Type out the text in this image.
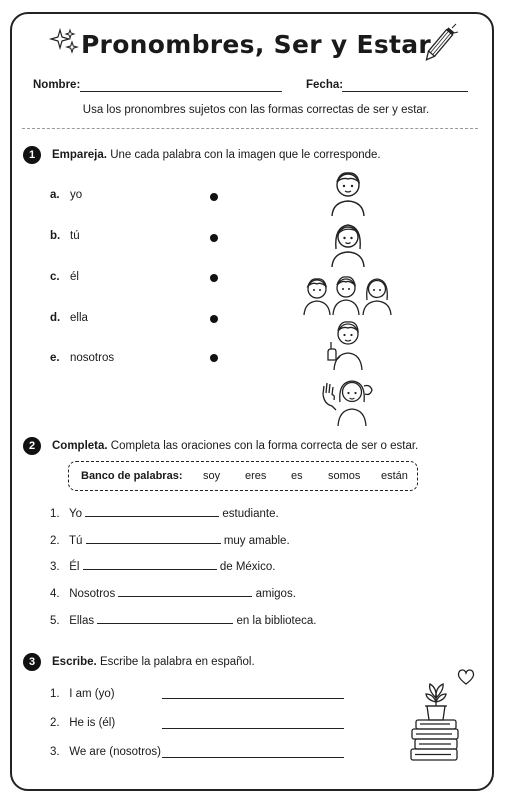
Pronombres, Ser y Estar
Nombre:	Fecha:
Usa los pronombres sujetos con las formas correctas de ser y estar.
1	Empareja. Une cada palabra con la imagen que le corresponde.
a. yo
b. tú
c. él
d. ella
e. nosotros
2	Completa. Completa las oraciones con la forma correcta de ser o estar.
Banco de palabras: soy eres es somos están
1. Yo	estudiante.
2. Tú	muy amable.
3. Él	de México.
4. Nosotros	amigos.
5. Ellas	en la biblioteca.
3	Escribe. Escribe la palabra en español.
1. I am (yo)
2. He is (él)
3. We are (nosotros)
